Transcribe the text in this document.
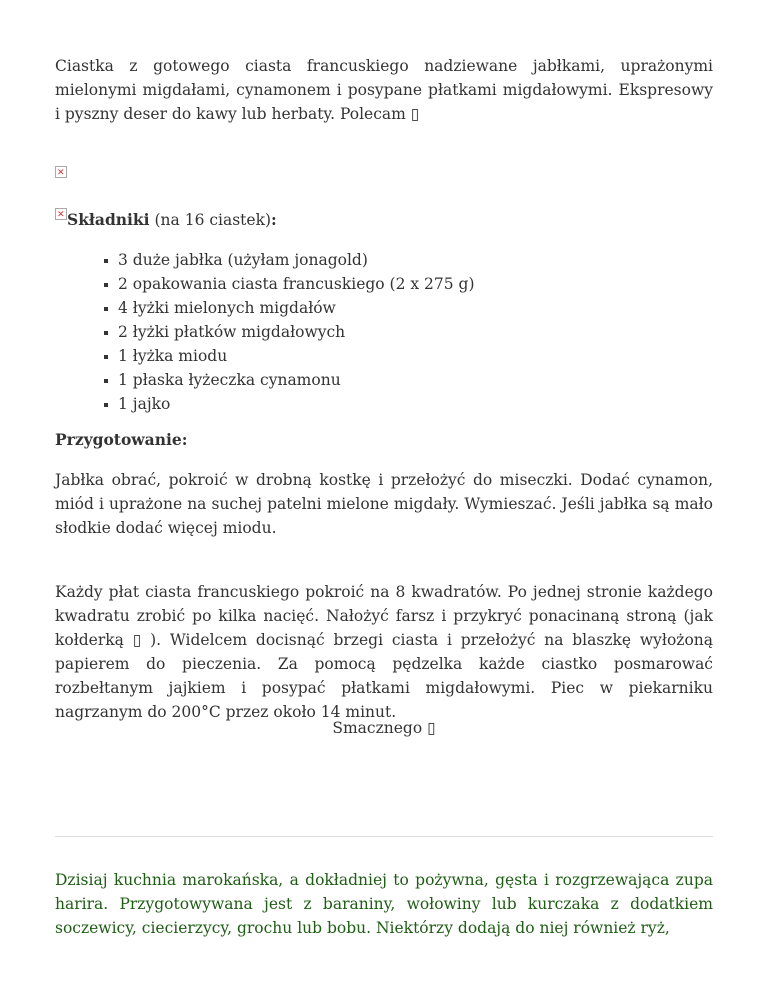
Ciastka z gotowego ciasta francuskiego nadziewane jabłkami, uprażonymi mielonymi migdałami, cynamonem i posypane płatkami migdałowymi. Ekspresowy i pyszny deser do kawy lub herbaty. Polecam ▯

✕
✕
Składniki (na 16 ciastek):
3 duże jabłka (użyłam jonagold)
2 opakowania ciasta francuskiego (2 x 275 g)
4 łyżki mielonych migdałów
2 łyżki płatków migdałowych
1 łyżka miodu
1 płaska łyżeczka cynamonu
1 jajko
Przygotowanie:

Jabłka obrać, pokroić w drobną kostkę i przełożyć do miseczki. Dodać cynamon, miód i uprażone na suchej patelni mielone migdały. Wymieszać. Jeśli jabłka są mało słodkie dodać więcej miodu.

Każdy płat ciasta francuskiego pokroić na 8 kwadratów. Po jednej stronie każdego kwadratu zrobić po kilka nacięć. Nałożyć farsz i przykryć ponacinaną stroną (jak kołderką ▯ ). Widelcem docisnąć brzegi ciasta i przełożyć na blaszkę wyłożoną papierem do pieczenia. Za pomocą pędzelka każde ciastko posmarować rozbełtanym jajkiem i posypać płatkami migdałowymi. Piec w piekarniku nagrzanym do 200°C przez około 14 minut.

Smacznego ▯

Dzisiaj kuchnia marokańska, a dokładniej to pożywna, gęsta i rozgrzewająca zupa harira. Przygotowywana jest z baraniny, wołowiny lub kurczaka z dodatkiem soczewicy, ciecierzycy, grochu lub bobu. Niektórzy dodają do niej również ryż,
